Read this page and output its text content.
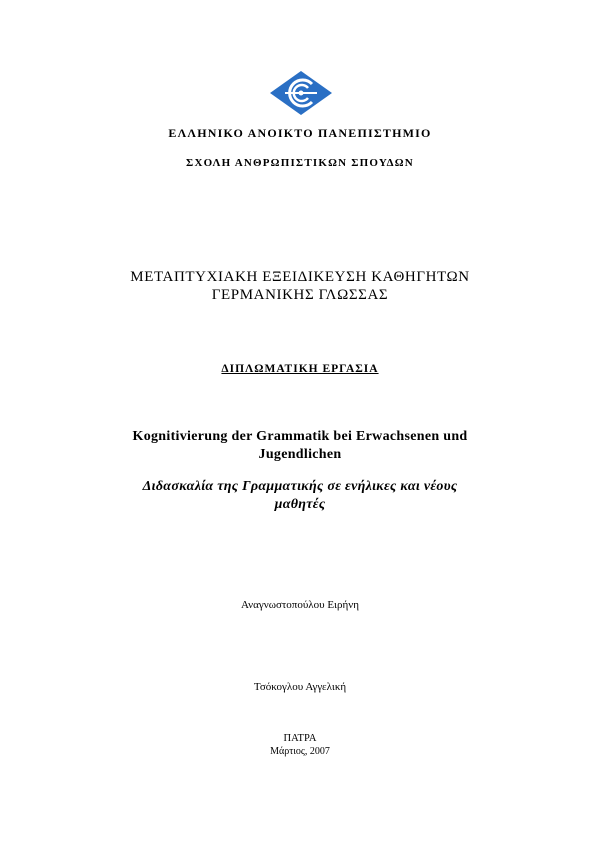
ΕΛΛΗΝΙΚΟ ΑΝΟΙΚΤΟ ΠΑΝΕΠΙΣΤΗΜΙΟ
ΣΧΟΛΗ ΑΝΘΡΩΠΙΣΤΙΚΩΝ ΣΠΟΥΔΩΝ
ΜΕΤΑΠΤΥΧΙΑΚΗ ΕΞΕΙΔΙΚΕΥΣΗ ΚΑΘΗΓΗΤΩΝ
ΓΕΡΜΑΝΙΚΗΣ ΓΛΩΣΣΑΣ
ΔΙΠΛΩΜΑΤΙΚΗ ΕΡΓΑΣΙΑ
Kognitivierung der Grammatik bei Erwachsenen und
Jugendlichen
Διδασκαλία της Γραμματικής σε ενήλικες και νέους
μαθητές
Αναγνωστοπούλου Ειρήνη
Τσόκογλου Αγγελική
ΠΑΤΡΑ
Μάρτιος, 2007
